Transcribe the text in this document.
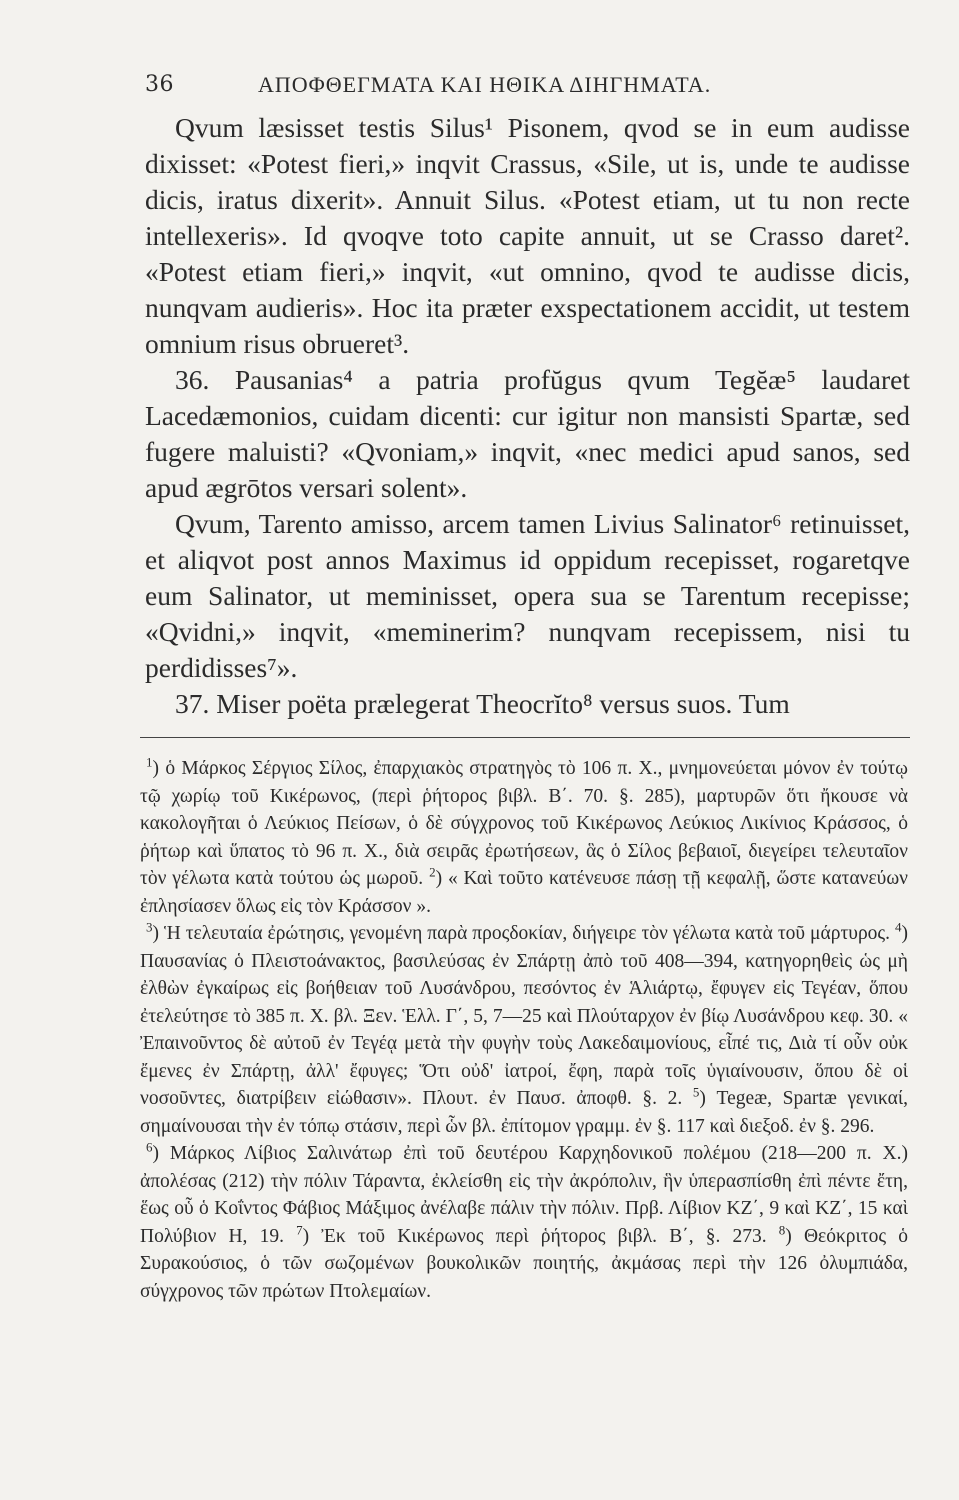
36	ΑΠΟΦΘΕΓΜΑΤΑ ΚΑΙ ΗΘΙΚΑ ΔΙΗΓΗΜΑΤΑ.

Qvum læsisset testis Silus¹ Pisonem, qvod se in eum audisse dixisset: «Potest fieri,» inqvit Crassus, «Sile, ut is, unde te audisse dicis, iratus dixerit». Annuit Silus. «Potest etiam, ut tu non recte intellexeris». Id qvoqve toto capite annuit, ut se Crasso daret². «Potest etiam fieri,» inqvit, «ut omnino, qvod te audisse dicis, nunqvam audieris». Hoc ita præter exspectationem accidit, ut testem omnium risus obrueret³.

36. Pausanias⁴ a patria profŭgus qvum Tegĕæ⁵ laudaret Lacedæmonios, cuidam dicenti: cur igitur non mansisti Spartæ, sed fugere maluisti? «Qvoniam,» inqvit, «nec medici apud sanos, sed apud ægrōtos versari solent».

Qvum, Tarento amisso, arcem tamen Livius Salinator⁶ retinuisset, et aliqvot post annos Maximus id oppidum recepisset, rogaretqve eum Salinator, ut meminisset, opera sua se Tarentum recepisse; «Qvidni,» inqvit, «meminerim? nunqvam recepissem, nisi tu perdidisses⁷».

37. Miser poëta prælegerat Theocrĭto⁸ versus suos. Tum

$^1$) ὁ Μάρκος Σέργιος Σίλος, ἐπαρχιακὸς στρατηγὸς τὸ 106 π. Χ., μνημονεύεται μόνον ἐν τούτῳ τῷ χωρίῳ τοῦ Κικέρωνος, (περὶ ῥήτορος βιβλ. Β΄. 70. §. 285), μαρτυρῶν ὅτι ἤκουσε νὰ κακολογῆται ὁ Λεύκιος Πείσων, ὁ δὲ σύγχρονος τοῦ Κικέρωνος Λεύκιος Λικίνιος Κράσσος, ὁ ῥήτωρ καὶ ὕπατος τὸ 96 π. Χ., διὰ σειρᾶς ἐρωτήσεων, ἃς ὁ Σίλος βεβαιοῖ, διεγείρει τελευταῖον τὸν γέλωτα κατὰ τούτου ὡς μωροῦ. $^2$) « Καὶ τοῦτο κατένευσε πάσῃ τῇ κεφαλῇ, ὥστε κατανεύων ἐπλησίασεν ὅλως εἰς τὸν Κράσσον ».

$^3$) Ἡ τελευταία ἐρώτησις, γενομένη παρὰ προςδοκίαν, διήγειρε τὸν γέλωτα κατὰ τοῦ μάρτυρος. $^4$) Παυσανίας ὁ Πλειστοάνακτος, βασιλεύσας ἐν Σπάρτῃ ἀπὸ τοῦ 408—394, κατηγορηθεὶς ὡς μὴ ἐλθὼν ἐγκαίρως εἰς βοήθειαν τοῦ Λυσάνδρου, πεσόντος ἐν Ἁλιάρτῳ, ἔφυγεν εἰς Τεγέαν, ὅπου ἐτελεύτησε τὸ 385 π. Χ. βλ. Ξεν. Ἑλλ. Γ΄, 5, 7—25 καὶ Πλούταρχον ἐν βίῳ Λυσάνδρου κεφ. 30. « Ἐπαινοῦντος δὲ αὐτοῦ ἐν Τεγέᾳ μετὰ τὴν φυγὴν τοὺς Λακεδαιμονίους, εἶπέ τις, Διὰ τί οὖν οὐκ ἔμενες ἐν Σπάρτῃ, ἀλλ' ἔφυγες; Ὅτι οὐδ' ἰατροί, ἔφη, παρὰ τοῖς ὑγιαίνουσιν, ὅπου δὲ οἱ νοσοῦντες, διατρίβειν εἰώθασιν». Πλουτ. ἐν Παυσ. ἀποφθ. §. 2. $^5$) Tegeæ, Spartæ γενικαί, σημαίνουσαι τὴν ἐν τόπῳ στάσιν, περὶ ὧν βλ. ἐπίτομον γραμμ. ἐν §. 117 καὶ διεξοδ. ἐν §. 296.

$^6$) Μάρκος Λίβιος Σαλινάτωρ ἐπὶ τοῦ δευτέρου Καρχηδονικοῦ πολέμου (218—200 π. Χ.) ἀπολέσας (212) τὴν πόλιν Τάραντα, ἐκλείσθη εἰς τὴν ἀκρόπολιν, ἣν ὑπερασπίσθη ἐπὶ πέντε ἔτη, ἕως οὗ ὁ Κοΐντος Φάβιος Μάξιμος ἀνέλαβε πάλιν τὴν πόλιν. Πρβ. Λίβιον ΚΖ΄, 9 καὶ ΚΖ΄, 15 καὶ Πολύβιον Η, 19. $^7$) Ἐκ τοῦ Κικέρωνος περὶ ῥήτορος βιβλ. Β΄, §. 273. $^8$) Θεόκριτος ὁ Συρακούσιος, ὁ τῶν σωζομένων βουκολικῶν ποιητής, ἀκμάσας περὶ τὴν 126 ὀλυμπιάδα, σύγχρονος τῶν πρώτων Πτολεμαίων.
